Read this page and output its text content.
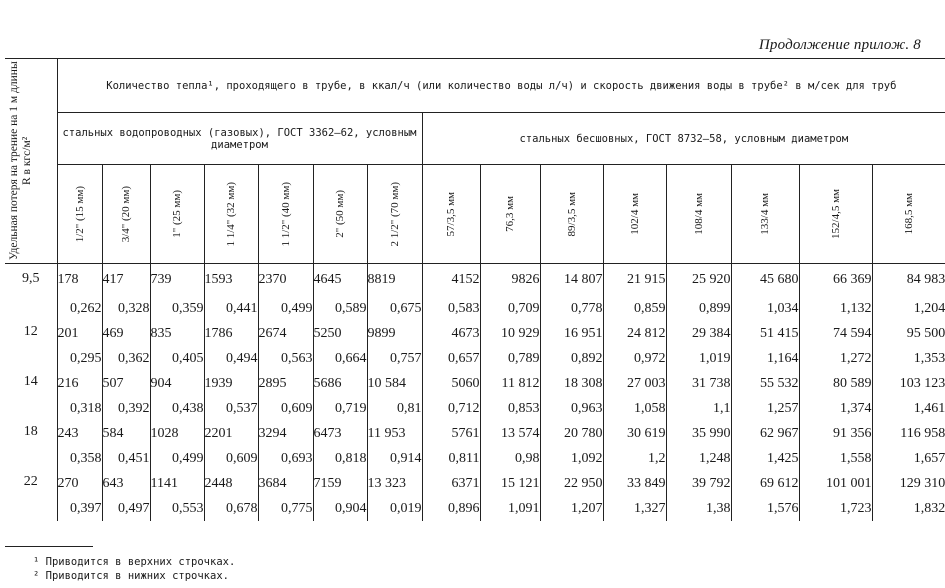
Продолжение прилож. 8
Удельная потеря на трение на 1 м длины R в кгс/м²	Количество тепла¹, проходящего в трубе, в ккал/ч (или количество воды л/ч) и скорость движения воды в трубе² в м/сек для труб														
	стальных водопроводных (газовых), ГОСТ 3362—62, условным диаметром							стальных бесшовных, ГОСТ 8732—58, условным диаметром							

	1/2" (15 мм)	3/4" (20 мм)	1" (25 мм)	1 1/4" (32 мм)	1 1/2" (40 мм)	2" (50 мм)	2 1/2" (70 мм)	57/3,5 мм	76,3 мм	89/3,5 мм	102/4 мм	108/4 мм	133/4 мм	152/4,5 мм	168,5 мм

9,5	178	417	739	1593	2370	4645	8819	4152	9826	14 807	21 915	25 920	45 680	66 369	84 983
	0,262	0,328	0,359	0,441	0,499	0,589	0,675	0,583	0,709	0,778	0,859	0,899	1,034	1,132	1,204
12	201	469	835	1786	2674	5250	9899	4673	10 929	16 951	24 812	29 384	51 415	74 594	95 500
	0,295	0,362	0,405	0,494	0,563	0,664	0,757	0,657	0,789	0,892	0,972	1,019	1,164	1,272	1,353
14	216	507	904	1939	2895	5686	10 584	5060	11 812	18 308	27 003	31 738	55 532	80 589	103 123
	0,318	0,392	0,438	0,537	0,609	0,719	0,81	0,712	0,853	0,963	1,058	1,1	1,257	1,374	1,461
18	243	584	1028	2201	3294	6473	11 953	5761	13 574	20 780	30 619	35 990	62 967	91 356	116 958
	0,358	0,451	0,499	0,609	0,693	0,818	0,914	0,811	0,98	1,092	1,2	1,248	1,425	1,558	1,657
22	270	643	1141	2448	3684	7159	13 323	6371	15 121	22 950	33 849	39 792	69 612	101 001	129 310
	0,397	0,497	0,553	0,678	0,775	0,904	0,019	0,896	1,091	1,207	1,327	1,38	1,576	1,723	1,832
¹ Приводится в верхних строчках.
² Приводится в нижних строчках.
